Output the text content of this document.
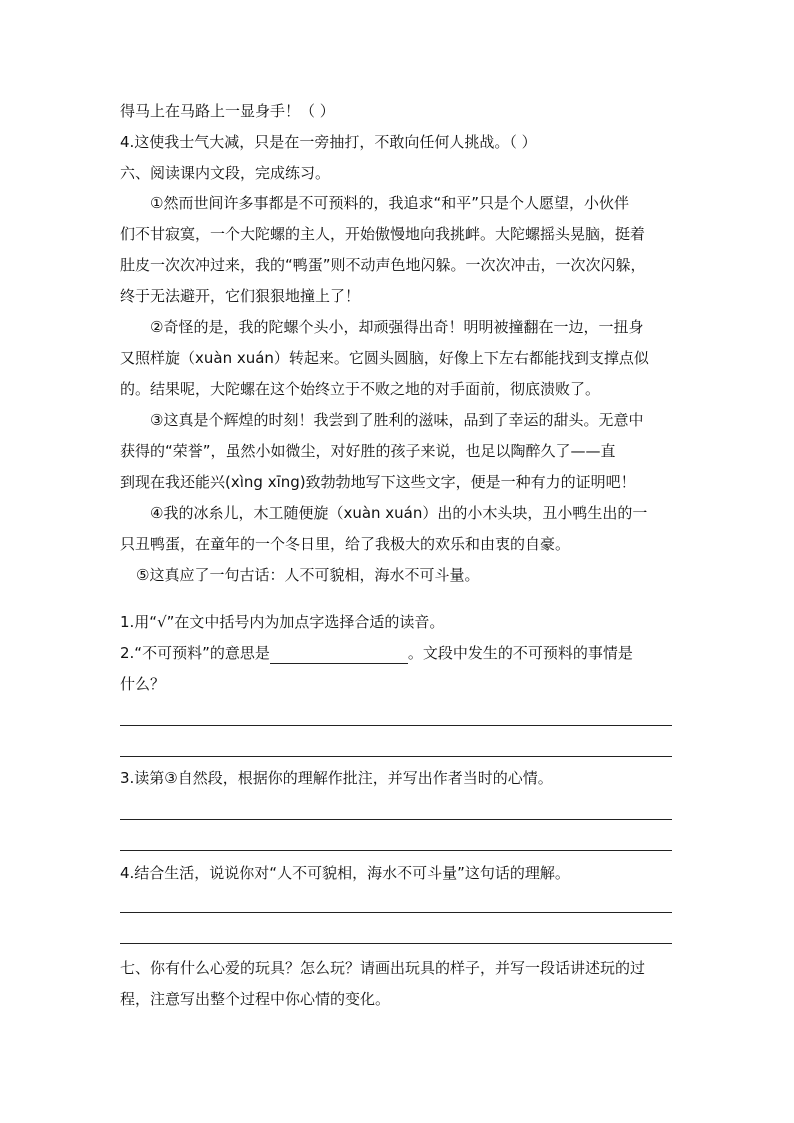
得马上在马路上一显身手！（ ）
4.这使我士气大减，只是在一旁抽打，不敢向任何人挑战。（ ）
六、阅读课内文段，完成练习。
①然而世间许多事都是不可预料的，我追求“和平”只是个人愿望，小伙伴
们不甘寂寞，一个大陀螺的主人，开始傲慢地向我挑衅。大陀螺摇头晃脑，挺着
肚皮一次次冲过来，我的“鸭蛋”则不动声色地闪躲。一次次冲击，一次次闪躲，
终于无法避开，它们狠狠地撞上了！
②奇怪的是，我的陀螺个头小，却顽强得出奇！明明被撞翻在一边，一扭身
又照样旋（xuàn xuán）转起来。它圆头圆脑，好像上下左右都能找到支撑点似
的。结果呢，大陀螺在这个始终立于不败之地的对手面前，彻底溃败了。
③这真是个辉煌的时刻！我尝到了胜利的滋味，品到了幸运的甜头。无意中
获得的“荣誉”，虽然小如微尘，对好胜的孩子来说，也足以陶醉久了——直
到现在我还能兴(xìng xīng)致勃勃地写下这些文字，便是一种有力的证明吧！
④我的冰糸儿，木工随便旋（xuàn xuán）出的小木头块，丑小鸭生出的一
只丑鸭蛋，在童年的一个冬日里，给了我极大的欢乐和由衷的自豪。
⑤这真应了一句古话：人不可貌相，海水不可斗量。
1.用“√”在文中括号内为加点字选择合适的读音。
2.“不可预料”的意思是	。文段中发生的不可预料的事情是
什么？
3.读第③自然段，根据你的理解作批注，并写出作者当时的心情。
4.结合生活，说说你对“人不可貌相，海水不可斗量”这句话的理解。
七、你有什么心爱的玩具？怎么玩？请画出玩具的样子，并写一段话讲述玩的过
程，注意写出整个过程中你心情的变化。
